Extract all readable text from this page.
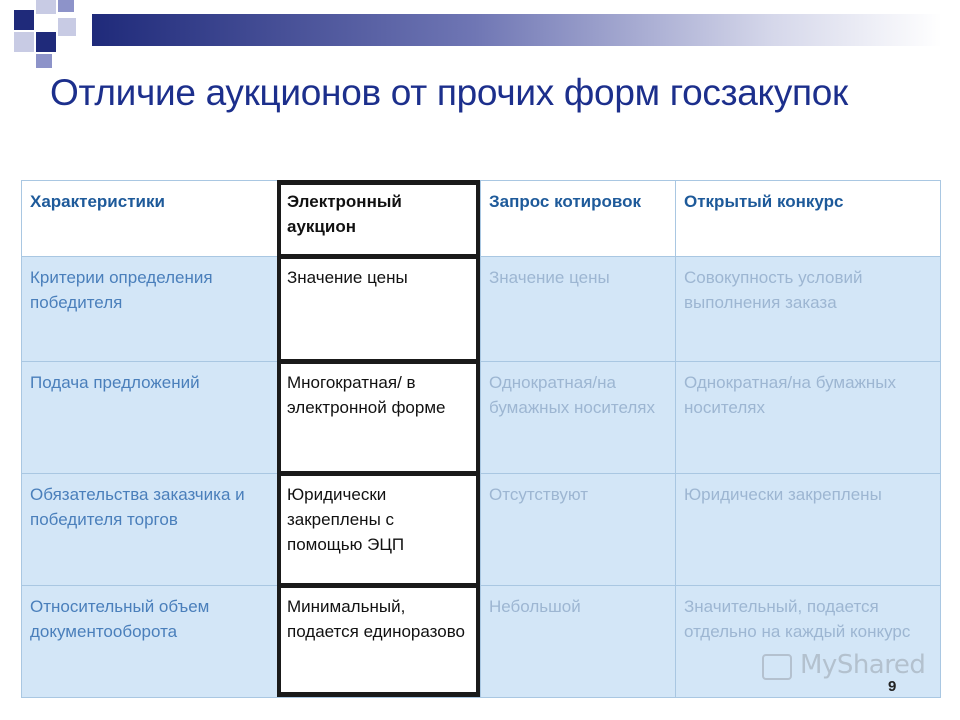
Отличие аукционов от прочих форм госзакупок
Характеристики	Электронный аукцион	Запрос котировок	Открытый конкурс
Критерии определения победителя	Значение цены	Значение цены	Совокупность условий выполнения заказа
Подача предложений	Многократная/ в электронной форме	Однократная/на бумажных носителях	Однократная/на бумажных носителях
Обязательства заказчика и победителя торгов	Юридически закреплены с помощью ЭЦП	Отсутствуют	Юридически закреплены
Относительный объем документооборота	Минимальный, подается единоразово	Небольшой	Значительный, подается отдельно на каждый конкурс
MyShared
9
